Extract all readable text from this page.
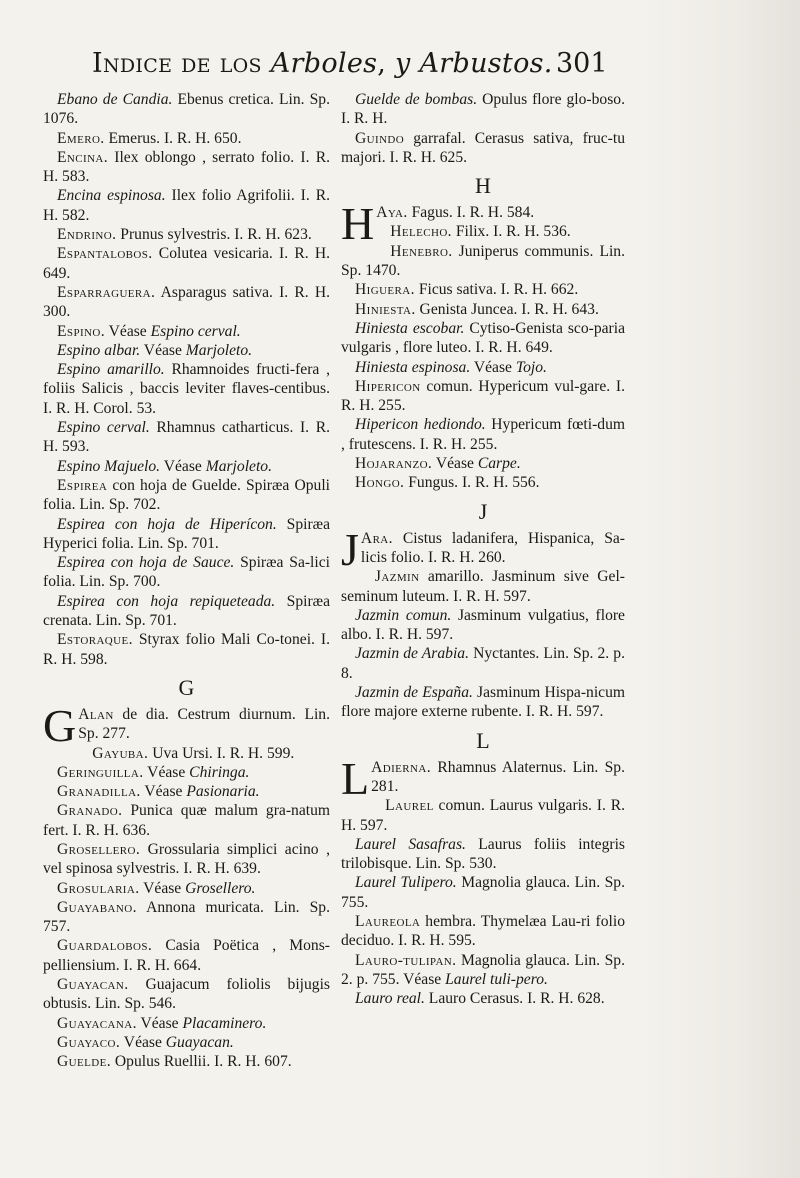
Indice de los Arboles, y Arbustos. 301

Ebano de Candia. Ebenus cretica. Lin. Sp. 1076.

Emero. Emerus. I. R. H. 650.

Encina. Ilex oblongo , serrato folio. I. R. H. 583.

Encina espinosa. Ilex folio Agrifolii. I. R. H. 582.

Endrino. Prunus sylvestris. I. R. H. 623.

Espantalobos. Colutea vesicaria. I. R. H. 649.

Esparraguera. Asparagus sativa. I. R. H. 300.

Espino. Véase Espino cerval.

Espino albar. Véase Marjoleto.

Espino amarillo. Rhamnoides fructi-fera , foliis Salicis , baccis leviter flaves-centibus. I. R. H. Corol. 53.

Espino cerval. Rhamnus catharticus. I. R. H. 593.

Espino Majuelo. Véase Marjoleto.

Espirea con hoja de Guelde. Spiræa Opuli folia. Lin. Sp. 702.

Espirea con hoja de Hiperícon. Spiræa Hyperici folia. Lin. Sp. 701.

Espirea con hoja de Sauce. Spiræa Sa-lici folia. Lin. Sp. 700.

Espirea con hoja repiqueteada. Spiræa crenata. Lin. Sp. 701.

Estoraque. Styrax folio Mali Co-tonei. I. R. H. 598.

G

G Alan de dia. Cestrum diurnum. Lin. Sp. 277.

Gayuba. Uva Ursi. I. R. H. 599.

Geringuilla. Véase Chiringa.

Granadilla. Véase Pasionaria.

Granado. Punica quæ malum gra-natum fert. I. R. H. 636.

Grosellero. Grossularia simplici acino , vel spinosa sylvestris. I. R. H. 639.

Grosularia. Véase Grosellero.

Guayabano. Annona muricata. Lin. Sp. 757.

Guardalobos. Casia Poëtica , Mons-pelliensium. I. R. H. 664.

Guayacan. Guajacum foliolis bijugis obtusis. Lin. Sp. 546.

Guayacana. Véase Placaminero.

Guayaco. Véase Guayacan.

Guelde. Opulus Ruellii. I. R. H. 607.

Guelde de bombas. Opulus flore glo-boso. I. R. H.

Guindo garrafal. Cerasus sativa, fruc-tu majori. I. R. H. 625.

H

H Aya. Fagus. I. R. H. 584.

Helecho. Filix. I. R. H. 536.

Henebro. Juniperus communis. Lin. Sp. 1470.

Higuera. Ficus sativa. I. R. H. 662.

Hiniesta. Genista Juncea. I. R. H. 643.

Hiniesta escobar. Cytiso-Genista sco-paria vulgaris , flore luteo. I. R. H. 649.

Hiniesta espinosa. Véase Tojo.

Hipericon comun. Hypericum vul-gare. I. R. H. 255.

Hipericon hediondo. Hypericum fœti-dum , frutescens. I. R. H. 255.

Hojaranzo. Véase Carpe.

Hongo. Fungus. I. R. H. 556.

J

J Ara. Cistus ladanifera, Hispanica, Sa-licis folio. I. R. H. 260.

Jazmin amarillo. Jasminum sive Gel-seminum luteum. I. R. H. 597.

Jazmin comun. Jasminum vulgatius, flore albo. I. R. H. 597.

Jazmin de Arabia. Nyctantes. Lin. Sp. 2. p. 8.

Jazmin de España. Jasminum Hispa-nicum flore majore externe rubente. I. R. H. 597.

L

L Adierna. Rhamnus Alaternus. Lin. Sp. 281.

Laurel comun. Laurus vulgaris. I. R. H. 597.

Laurel Sasafras. Laurus foliis integris trilobisque. Lin. Sp. 530.

Laurel Tulipero. Magnolia glauca. Lin. Sp. 755.

Laureola hembra. Thymelæa Lau-ri folio deciduo. I. R. H. 595.

Lauro-tulipan. Magnolia glauca. Lin. Sp. 2. p. 755. Véase Laurel tuli-pero.

Lauro real. Lauro Cerasus. I. R. H. 628.
